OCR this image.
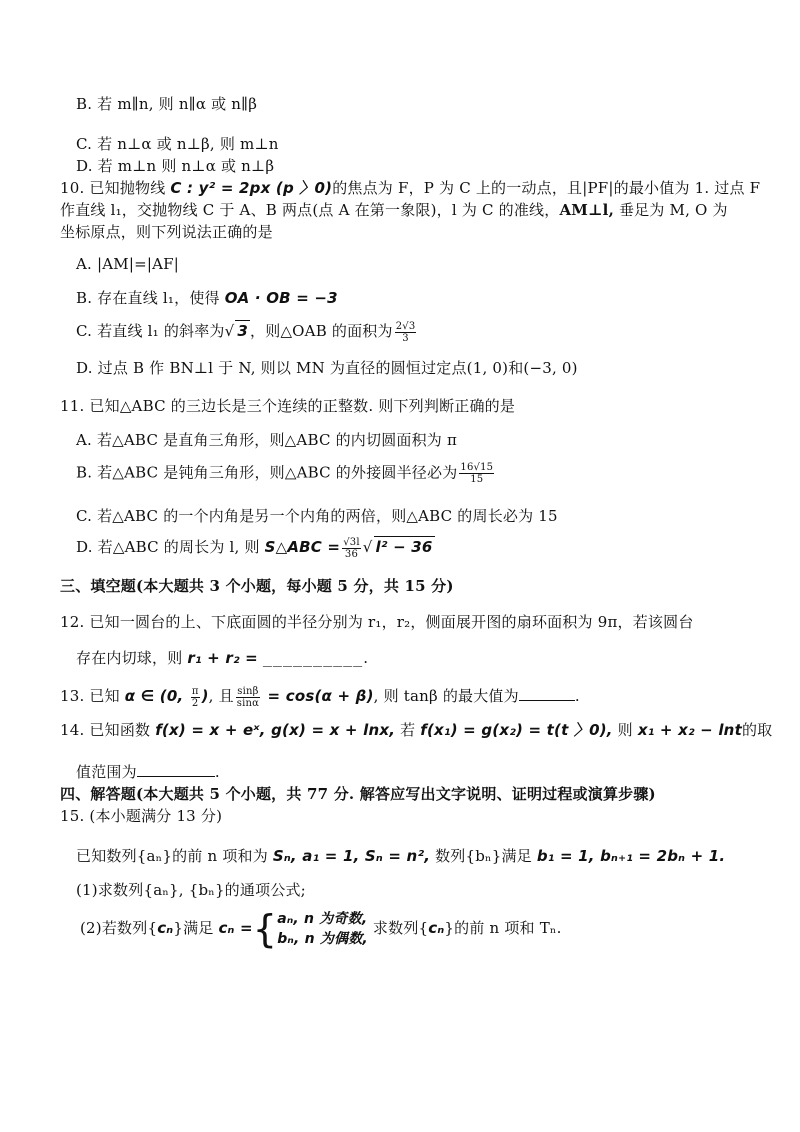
B. 若 m∥n, 则 n∥α 或 n∥β
C. 若 n⊥α 或 n⊥β, 则 m⊥n
D. 若 m⊥n 则 n⊥α 或 n⊥β
10. 已知抛物线 C : y² = 2px (p 〉0)的焦点为 F，P 为 C 上的一动点，且|PF|的最小值为 1. 过点 F
作直线 l₁，交抛物线 C 于 A、B 两点(点 A 在第一象限)，l 为 C 的准线，AM⊥l, 垂足为 M, O 为
坐标原点，则下列说法正确的是
A. |AM|=|AF|
B. 存在直线 l₁，使得 OA · OB = −3
C. 若直线 l₁ 的斜率为√ 3 ，则△OAB 的面积为 $\frac{2√3}{3}$
D. 过点 B 作 BN⊥l 于 N, 则以 MN 为直径的圆恒过定点(1, 0)和(−3, 0)
11. 已知△ABC 的三边长是三个连续的正整数. 则下列判断正确的是
A. 若△ABC 是直角三角形，则△ABC 的内切圆面积为 π
B. 若△ABC 是钝角三角形，则△ABC 的外接圆半径必为 $\frac{16√15}{15}$
C. 若△ABC 的一个内角是另一个内角的两倍，则△ABC 的周长必为 15
D. 若△ABC 的周长为 l, 则 S△ABC = $\frac{√3l}{36}$ √ l² − 36
三、填空题(本大题共 3 个小题，每小题 5 分，共 15 分)
12. 已知一圆台的上、下底面圆的半径分别为 r₁，r₂，侧面展开图的扇环面积为 9π，若该圆台
存在内切球，则 r₁ + r₂ = __________.
13. 已知 α ∈ (0, $\frac{\pi}{2}$ ), 且 $\frac{\sin\beta}{\sin\alpha} = \cos(\alpha + \beta)$, 则 tanβ 的最大值为	.
14. 已知函数 f(x) = x + eˣ, g(x) = x + lnx, 若 f(x₁) = g(x₂) = t(t 〉0), 则 x₁ + x₂ − lnt的取
值范围为	.
四、解答题(本大题共 5 个小题，共 77 分. 解答应写出文字说明、证明过程或演算步骤)
15. (本小题满分 13 分)
已知数列{aₙ}的前 n 项和为 Sₙ, a₁ = 1, Sₙ = n², 数列{bₙ}满足 b₁ = 1, bₙ₊₁ = 2bₙ + 1.
(1)求数列{aₙ}, {bₙ}的通项公式;
(2)若数列{cₙ}满足 cₙ ={ aₙ, n 为奇数,
bₙ, n 为偶数,
求数列{cₙ}的前 n 项和 Tₙ.
